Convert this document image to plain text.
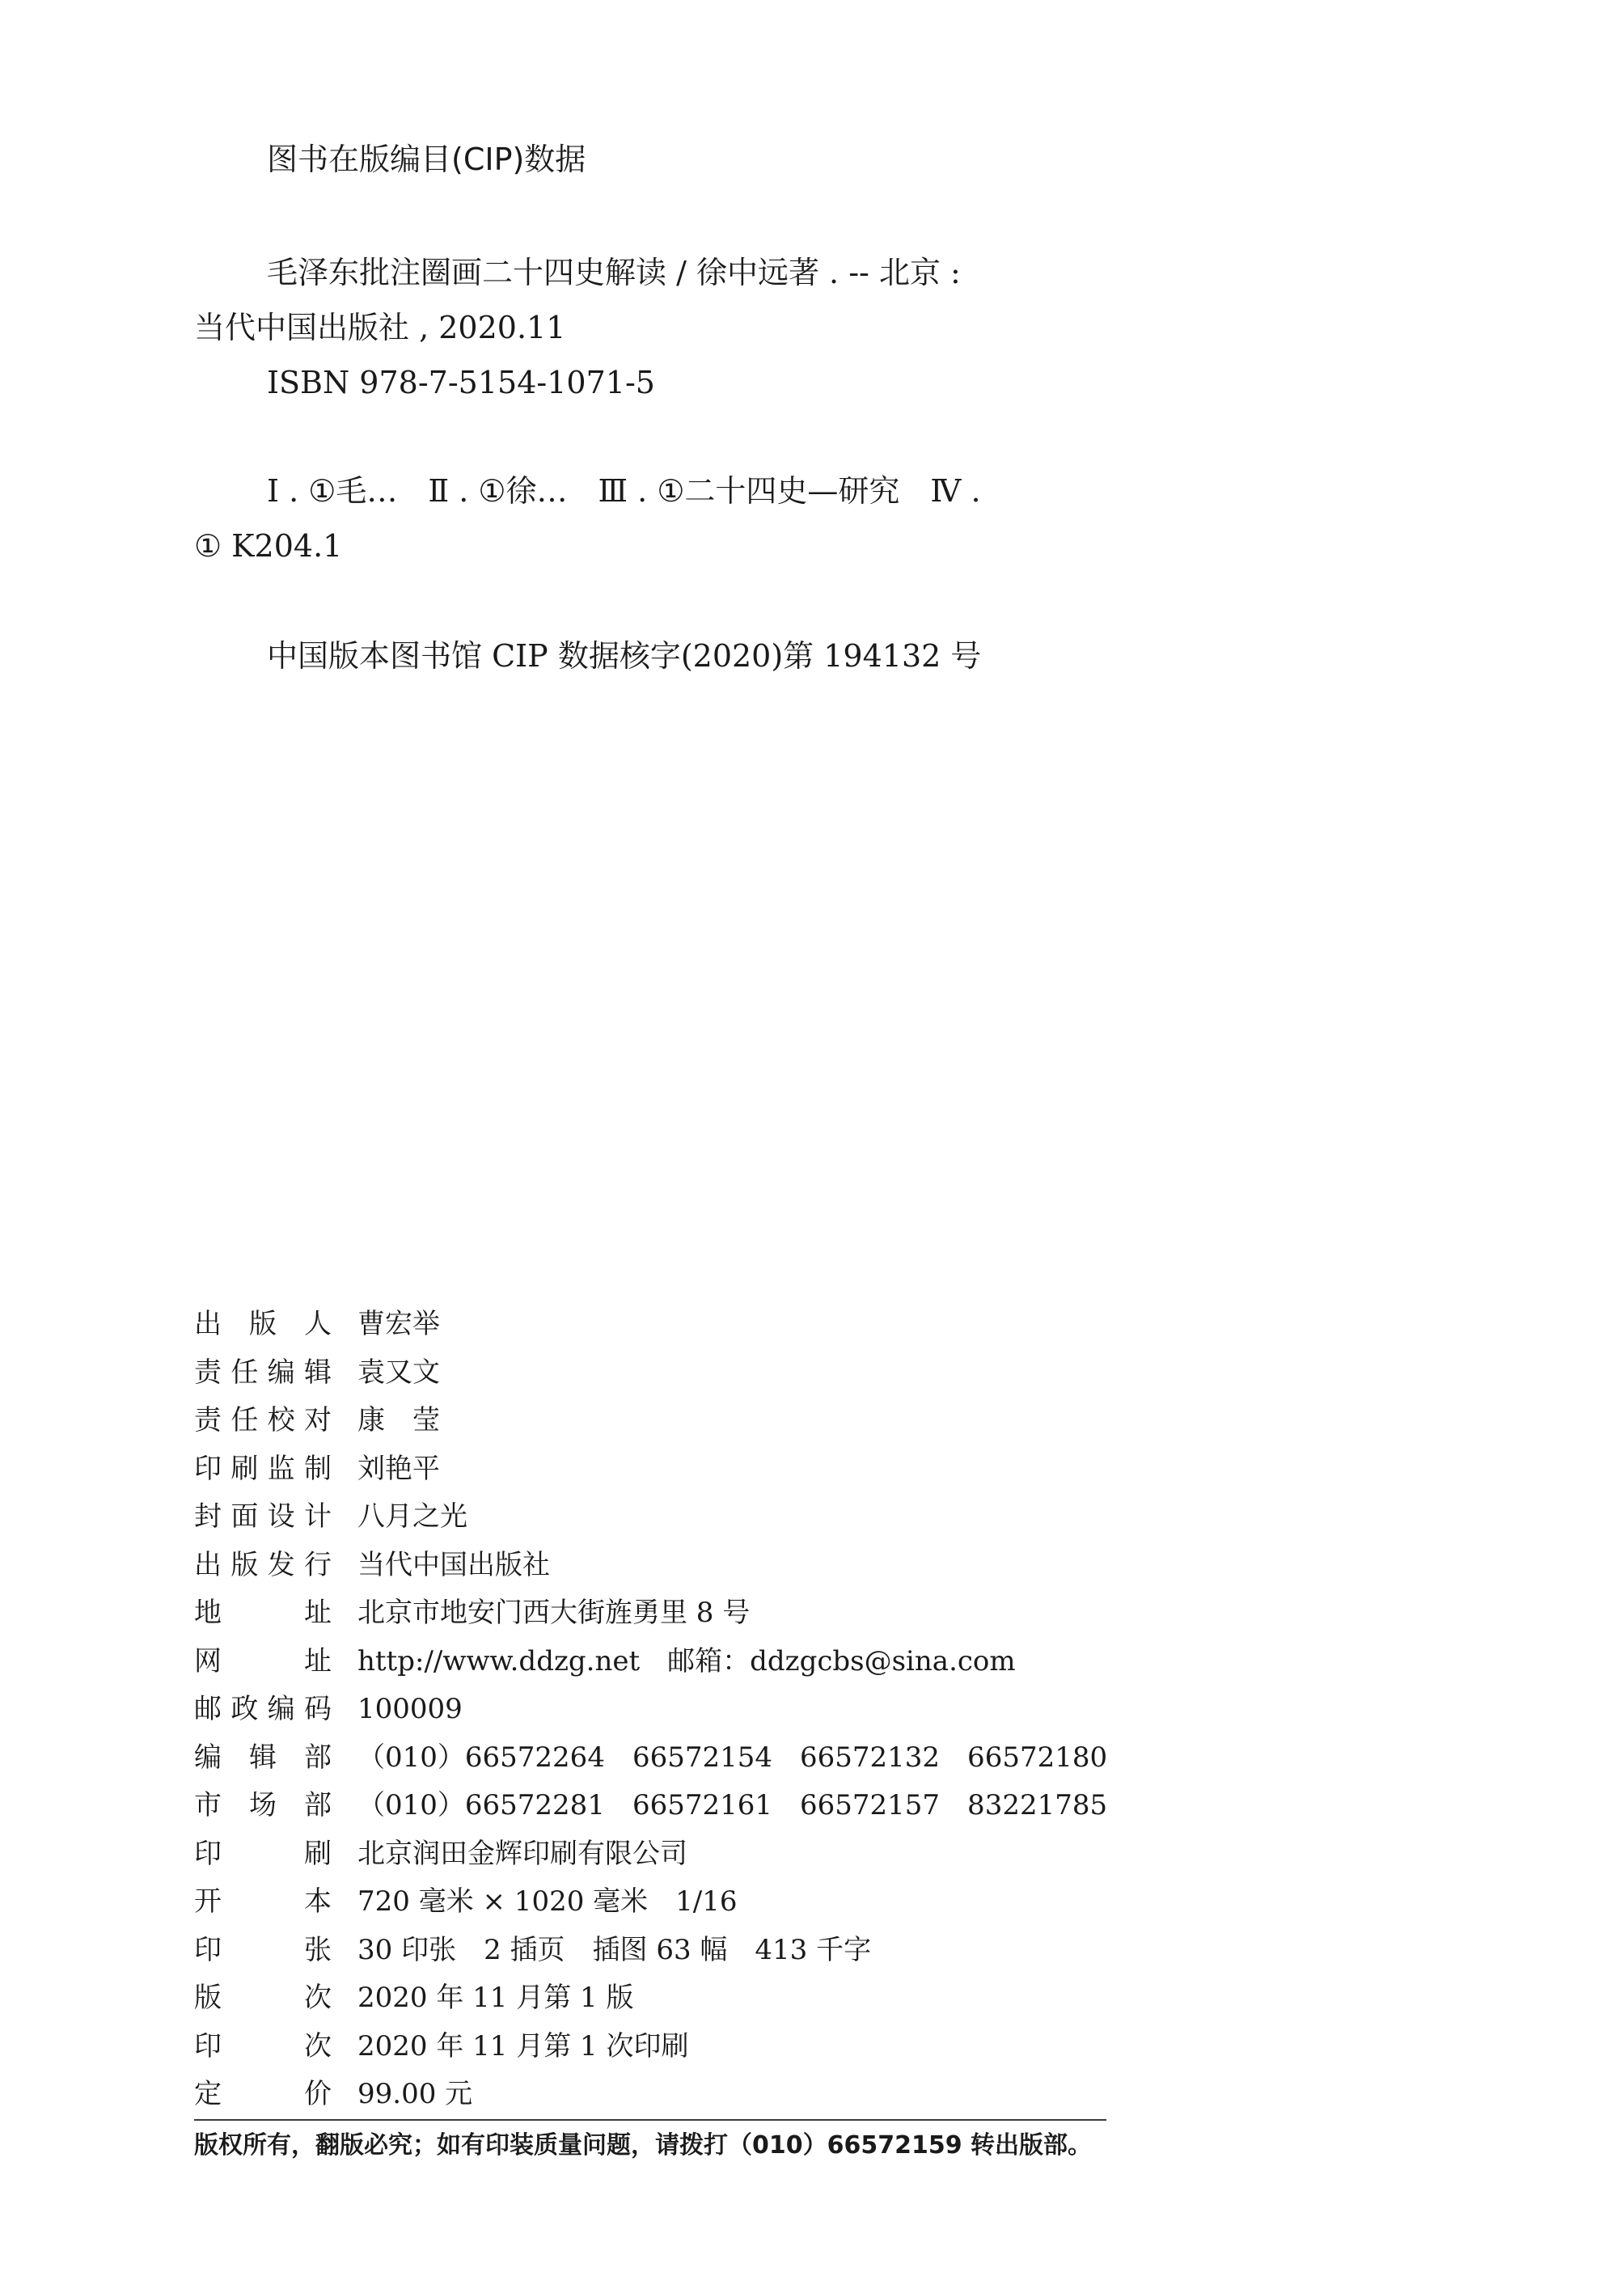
图书在版编目(CIP)数据
毛泽东批注圈画二十四史解读 / 徐中远著 . -- 北京 :
当代中国出版社 , 2020.11
ISBN 978-7-5154-1071-5
Ⅰ . ①毛…　Ⅱ . ①徐…　Ⅲ . ①二十四史—研究　Ⅳ .
① K204.1
中国版本图书馆 CIP 数据核字(2020)第 194132 号
出 版 人 曹宏举
责 任 编 辑 袁又文
责 任 校 对 康　莹
印 刷 监 制 刘艳平
封 面 设 计 八月之光
出 版 发 行 当代中国出版社
地	址 北京市地安门西大街旌勇里 8 号
网	址 http://www.ddzg.net　邮箱：ddzgcbs@sina.com
邮 政 编 码 100009
编 辑 部 （010）66572264　66572154　66572132　66572180
市 场 部 （010）66572281　66572161　66572157　83221785
印	刷 北京润田金辉印刷有限公司
开	本 720 毫米 × 1020 毫米　1/16
印	张 30 印张　2 插页　插图 63 幅　413 千字
版	次 2020 年 11 月第 1 版
印	次 2020 年 11 月第 1 次印刷
定	价 99.00 元
版权所有，翻版必究；如有印装质量问题，请拨打（010）66572159 转出版部。
